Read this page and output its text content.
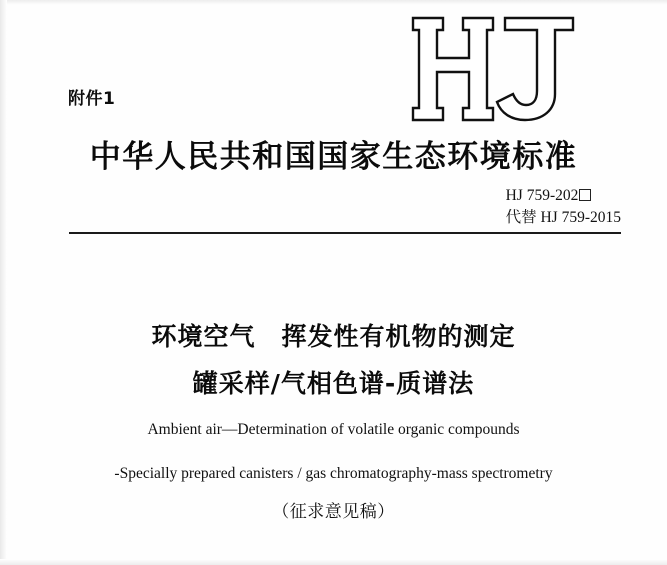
附件1
中华人民共和国国家生态环境标准
HJ 759-202
代替 HJ 759-2015
环境空气　挥发性有机物的测定
罐采样/气相色谱-质谱法
Ambient air—Determination of volatile organic compounds
-Specially prepared canisters / gas chromatography-mass spectrometry
（征求意见稿）
